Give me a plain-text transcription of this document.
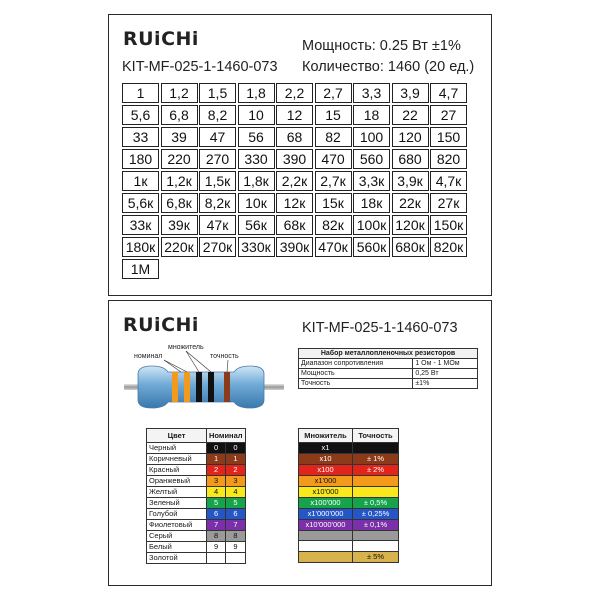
RUiCHi	Мощность: 0.25 Вт ±1%
KIT-MF-025-1-1460-073 Количество: 1460 (20 ед.)
1	1,2	1,5	1,8	2,2	2,7	3,3	3,9	4,7
5,6	6,8	8,2	10	12	15	18	22	27
33	39	47	56	68	82	100	120	150
180	220	270	330	390	470	560	680	820
1к	1,2к 1,5к 1,8к 2,2к 2,7к 3,3к 3,9к 4,7к
5,6к 6,8к 8,2к	10к	12к	15к	18к	22к	27к
33к	39к	47к	56к	68к	82к 100к 120к 150к
180к 220к 270к 330к 390к 470к 560к 680к 820к
1M
RUiCHi	KIT-MF-025-1-1460-073
номинал
множитель
точность	Набор металлопленочных резисторов	
Диапазон сопротивления	1 Ом - 1 МОм
Мощность	0,25 Вт
Точность	±1%
Цвет	Номинал	
Черный	0	0
Коричневый	1	1
Красный	2	2
Оранжевый	3	3
Желтый	4	4
Зеленый	5	5
Голубой	6	6
Фиолетовый	7	7
Серый	8	8
Белый	9	9
Золотой		
Множитель	Точность
x1	
x10	± 1%
x100	± 2%
x1'000	
x10'000	
x100'000	± 0,5%
x1'000'000	± 0,25%
x10'000'000	± 0,1%

	± 5%
